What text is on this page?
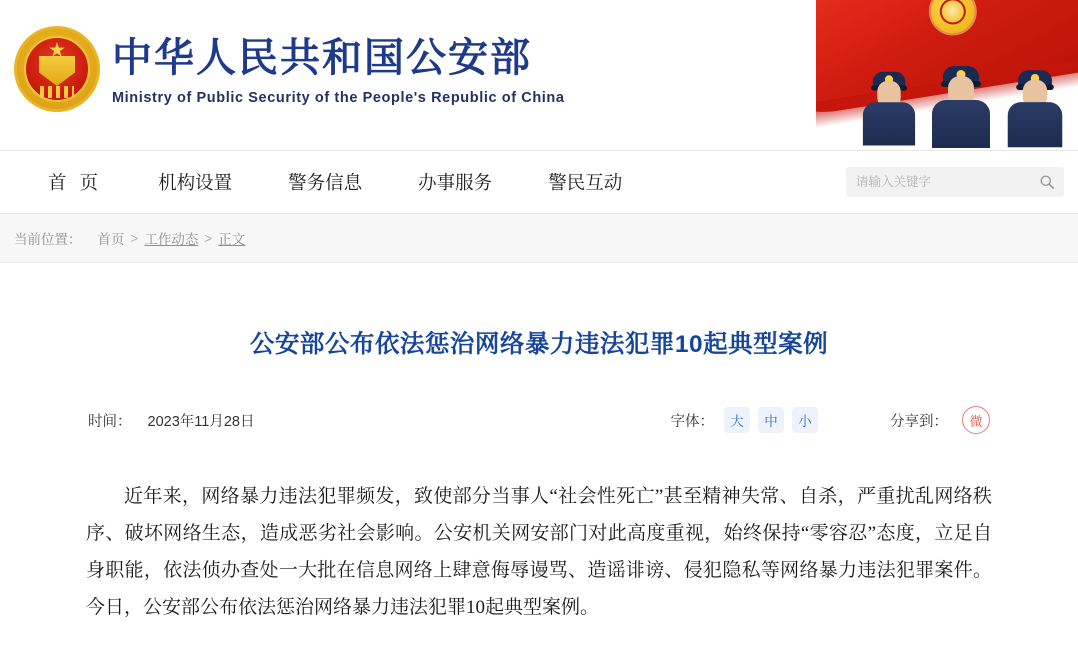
中华人民共和国公安部
Ministry of Public Security of the People's Republic of China
首 页	机构设置	警务信息	办事服务	警民互动
请输入关键字
当前位置： 首页 > 工作动态 > 正文
公安部公布依法惩治网络暴力违法犯罪10起典型案例
时间： 2023年11月28日	字体：	大	中	小	分享到：	微

近年来，网络暴力违法犯罪频发，致使部分当事人“社会性死亡”甚至精神失常、自杀，严重扰乱网络秩序、破坏网络生态，造成恶劣社会影响。公安机关网安部门对此高度重视，始终保持“零容忍”态度，立足自身职能，依法侦办查处一大批在信息网络上肆意侮辱谩骂、造谣诽谤、侵犯隐私等网络暴力违法犯罪案件。今日，公安部公布依法惩治网络暴力违法犯罪10起典型案例。
